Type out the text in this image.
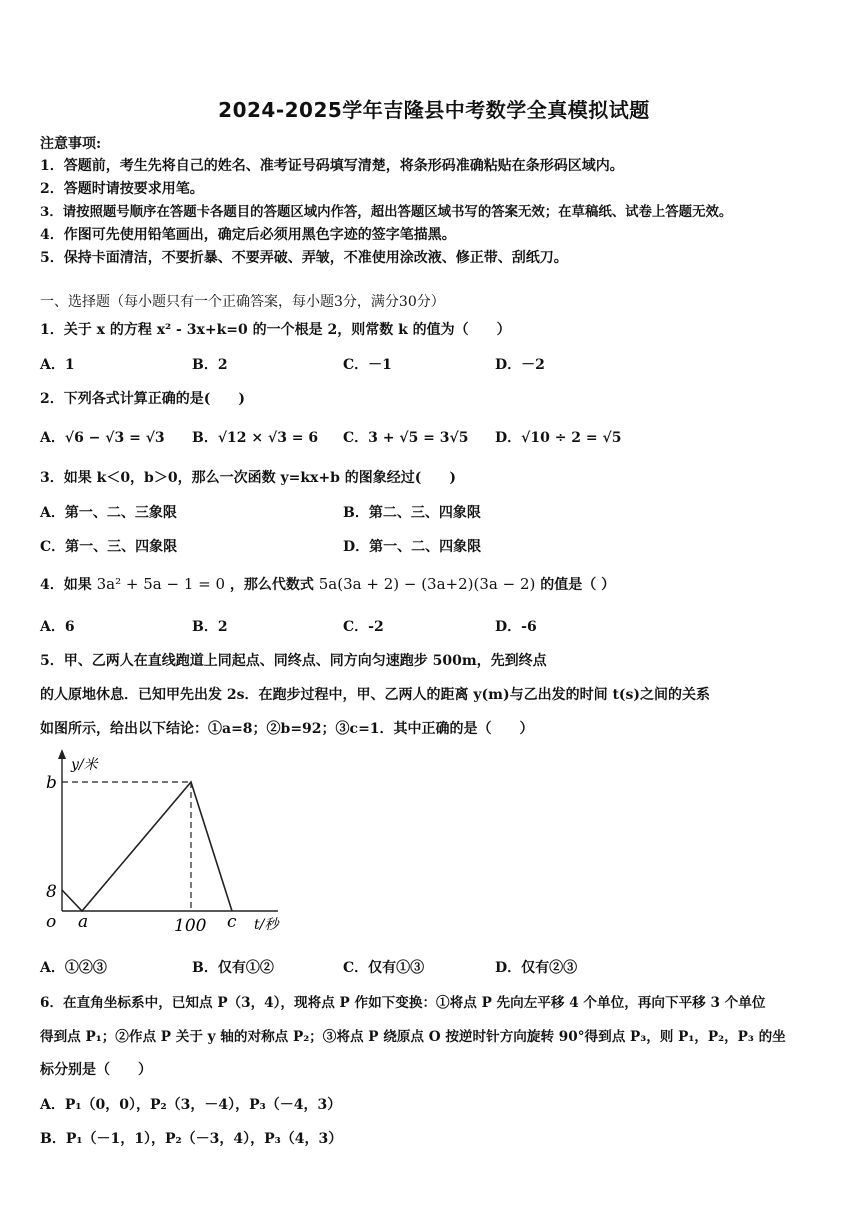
2024-2025学年吉隆县中考数学全真模拟试题
注意事项:
1．答题前，考生先将自己的姓名、准考证号码填写清楚，将条形码准确粘贴在条形码区域内。
2．答题时请按要求用笔。
3．请按照题号顺序在答题卡各题目的答题区域内作答，超出答题区域书写的答案无效；在草稿纸、试卷上答题无效。
4．作图可先使用铅笔画出，确定后必须用黑色字迹的签字笔描黑。
5．保持卡面清洁，不要折暴、不要弄破、弄皱，不准使用涂改液、修正带、刮纸刀。
一、选择题（每小题只有一个正确答案，每小题3分，满分30分）
1．关于 x 的方程 x² - 3x+k=0 的一个根是 2，则常数 k 的值为（　　）
A．1	B．2	C．－1	D．－2
2．下列各式计算正确的是(　　)
A．√6 − √3 = √3 B．√12 × √3 = 6 C．3 + √5 = 3√5 D．√10 ÷ 2 = √5
3．如果 k＜0，b＞0，那么一次函数 y=kx+b 的图象经过(　　)
A．第一、二、三象限	B．第二、三、四象限
C．第一、三、四象限	D．第一、二、四象限
4．如果 3a² + 5a − 1 = 0 ，那么代数式 5a(3a + 2) − (3a+2)(3a − 2) 的值是（ ）
A．6	B．2	C．-2	D．-6
5．甲、乙两人在直线跑道上同起点、同终点、同方向匀速跑步 500m，先到终点
的人原地休息．已知甲先出发 2s．在跑步过程中，甲、乙两人的距离 y(m)与乙出发的时间 t(s)之间的关系
如图所示，给出以下结论：①a=8；②b=92；③c=1．其中正确的是（　　）
y/米
b
8
o a	100 c t/秒
A．①②③	B．仅有①②	C．仅有①③	D．仅有②③
6．在直角坐标系中，已知点 P（3，4），现将点 P 作如下变换：①将点 P 先向左平移 4 个单位，再向下平移 3 个单位
得到点 P₁；②作点 P 关于 y 轴的对称点 P₂；③将点 P 绕原点 O 按逆时针方向旋转 90°得到点 P₃，则 P₁，P₂，P₃ 的坐
标分别是（　　）
A．P₁（0，0），P₂（3，－4），P₃（－4，3）
B．P₁（－1，1），P₂（－3，4），P₃（4，3）
